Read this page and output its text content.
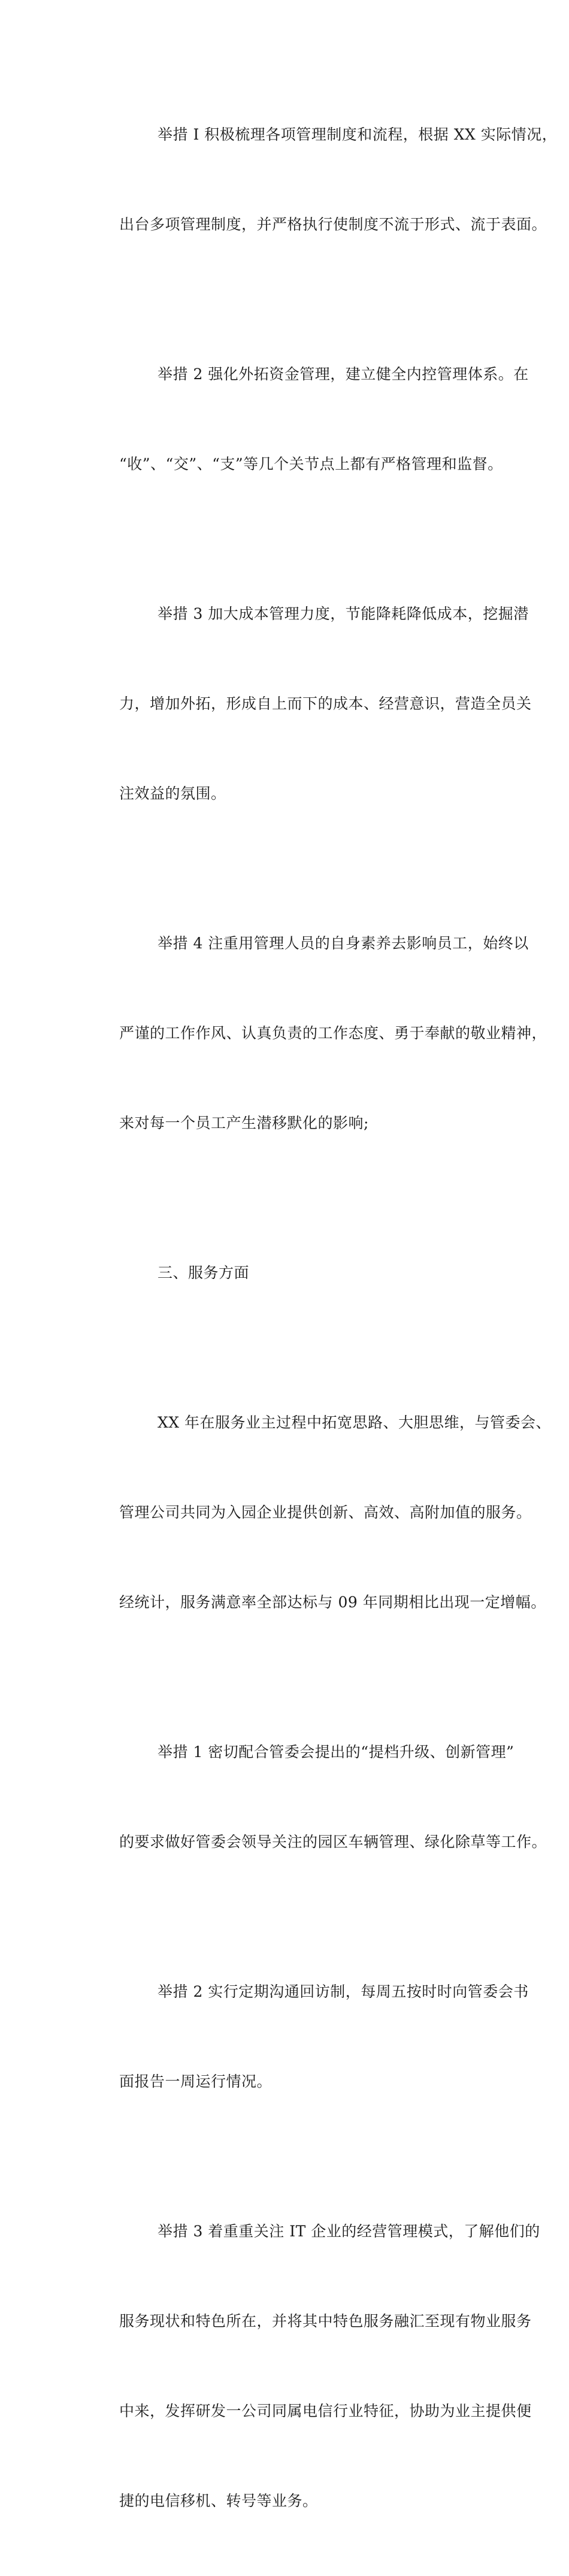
举措 I 积极梳理各项管理制度和流程，根据 XX 实际情况，

出台多项管理制度，并严格执行使制度不流于形式、流于表面。

举措 2 强化外拓资金管理，建立健全内控管理体系。在

“收”、“交”、“支”等几个关节点上都有严格管理和监督。

举措 3 加大成本管理力度，节能降耗降低成本，挖掘潜

力，增加外拓，形成自上而下的成本、经营意识，营造全员关

注效益的氛围。

举措 4 注重用管理人员的自身素养去影响员工，始终以

严谨的工作作风、认真负责的工作态度、勇于奉献的敬业精神，

来对每一个员工产生潜移默化的影响;

三、服务方面

XX 年在服务业主过程中拓宽思路、大胆思维，与管委会、

管理公司共同为入园企业提供创新、高效、高附加值的服务。

经统计，服务满意率全部达标与 09 年同期相比出现一定增幅。

举措 1 密切配合管委会提出的“提档升级、创新管理”

的要求做好管委会领导关注的园区车辆管理、绿化除草等工作。

举措 2 实行定期沟通回访制，每周五按时时向管委会书

面报告一周运行情况。

举措 3 着重重关注 IT 企业的经营管理模式，了解他们的

服务现状和特色所在，并将其中特色服务融汇至现有物业服务

中来，发挥研发一公司同属电信行业特征，协助为业主提供便

捷的电信移机、转号等业务。
